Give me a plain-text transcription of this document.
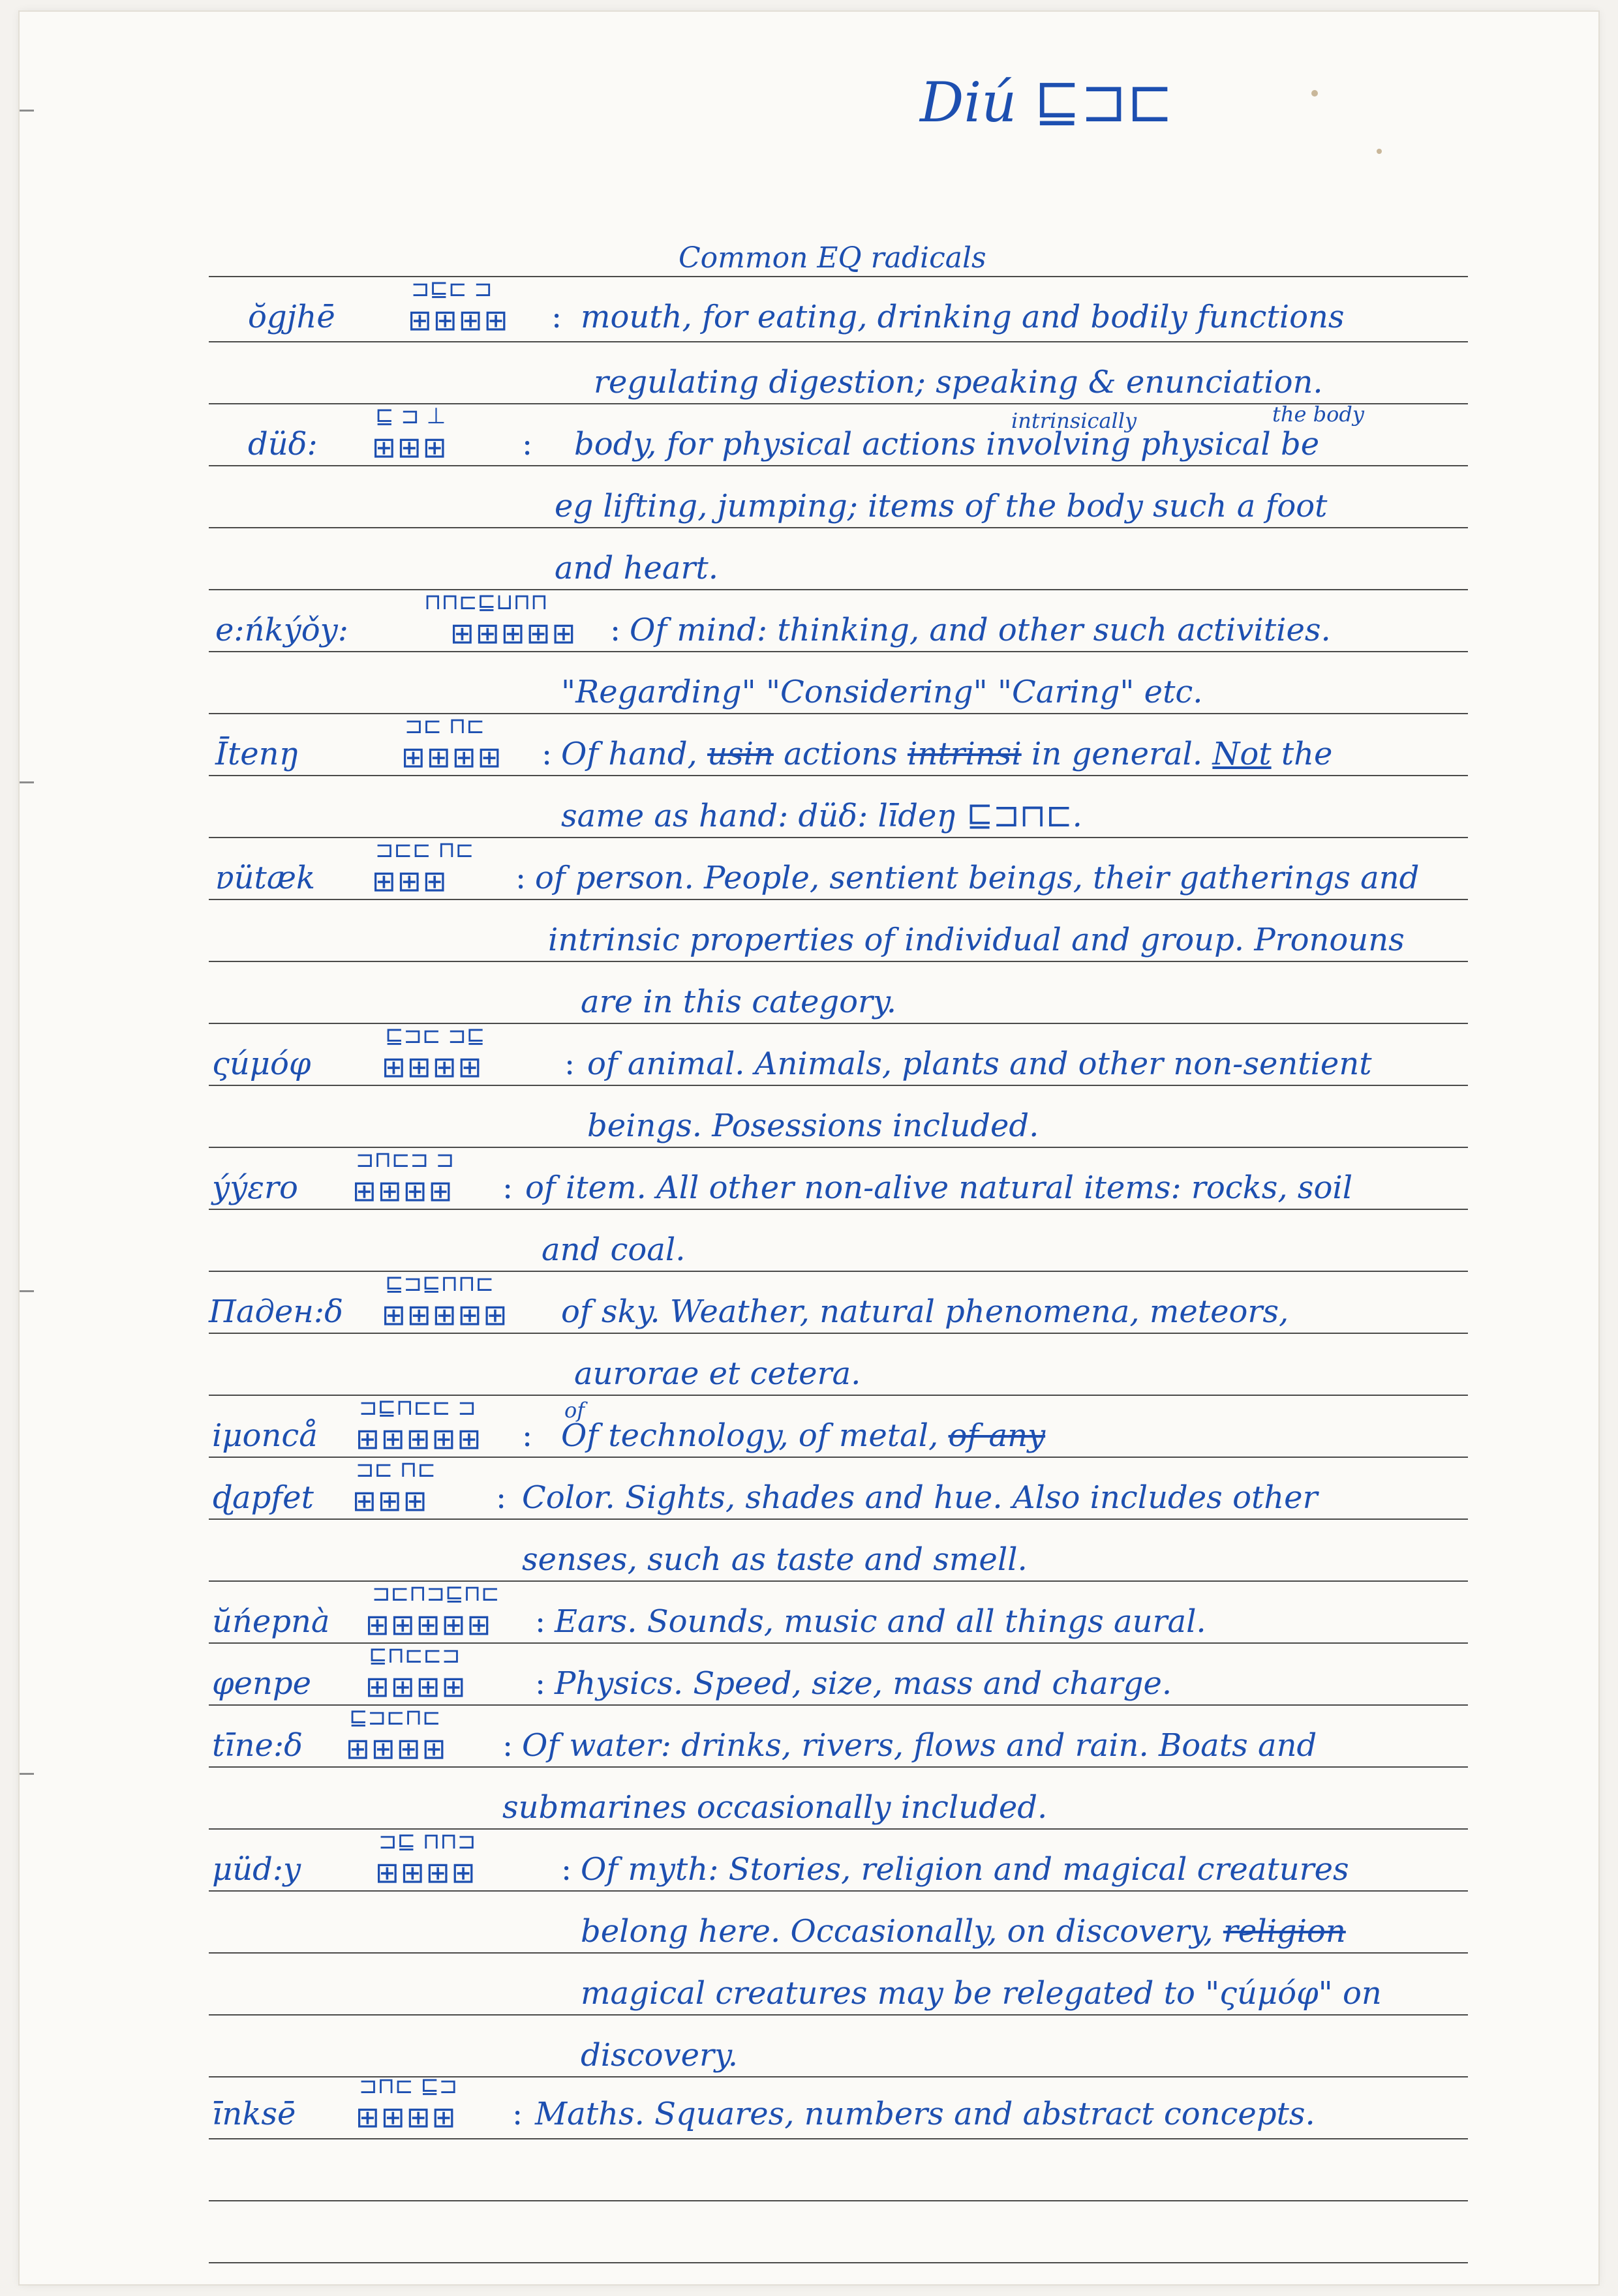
Diú ⊑⊐⊏
Common EQ radicals
ŏgjhē
⊐⊑⊏ ⊐
⊞⊞⊞⊞ : mouth, for eating, drinking and bodily functions
regulating digestion; speaking & enunciation.
düδ:
⊑ ⊐ ⊥
⊞⊞⊞ :
intrinsically	the body
body, for physical actions involving physical be
eg lifting, jumping; items of the body such a foot
and heart.
e:ńkýǒy:
⊓⊓⊏⊑⊔⊓⊓
⊞⊞⊞⊞⊞ : Of mind: thinking, and other such activities.
"Regarding" "Considering" "Caring" etc.
Ītenŋ
⊐⊏ ⊓⊏
⊞⊞⊞⊞ : Of hand, usin actions intrinsi in general. Not the
same as hand: düδ: līdeŋ ⊑⊐⊓⊏.
ɐütæk
⊐⊏⊏ ⊓⊏
⊞⊞⊞ : of person. People, sentient beings, their gatherings and
intrinsic properties of individual and group. Pronouns
are in this category.
ςúμóφ
⊑⊐⊏ ⊐⊑
⊞⊞⊞⊞	: of animal. Animals, plants and other non-sentient
beings. Posessions included.
ýýɛro
⊐⊓⊏⊐ ⊐
⊞⊞⊞⊞ : of item. All other non-alive natural items: rocks, soil
and coal.
Πaдeн:δ
⊑⊐⊑⊓⊓⊏
⊞⊞⊞⊞⊞ of sky. Weather, natural phenomena, meteors,
aurorae et cetera.
iμoncå
⊐⊑⊓⊏⊏ ⊐
⊞⊞⊞⊞⊞ :
of
Of technology, of metal, of any
ɖapfet
⊐⊏ ⊓⊏
⊞⊞⊞ : Color. Sights, shades and hue. Also includes other
senses, such as taste and smell.
ŭńepnà
⊐⊏⊓⊐⊑⊓⊏
⊞⊞⊞⊞⊞ : Ears. Sounds, music and all things aural.
φenpe
⊑⊓⊏⊏⊐
⊞⊞⊞⊞ : Physics. Speed, size, mass and charge.
tīne:δ
⊑⊐⊏⊓⊏
⊞⊞⊞⊞ : Of water: drinks, rivers, flows and rain. Boats and
submarines occasionally included.
μüd:y
⊐⊑ ⊓⊓⊐
⊞⊞⊞⊞	: Of myth: Stories, religion and magical creatures
belong here. Occasionally, on discovery, religion
magical creatures may be relegated to "ςúμóφ" on
discovery.
īnksē
⊐⊓⊏ ⊑⊐
⊞⊞⊞⊞ : Maths. Squares, numbers and abstract concepts.
